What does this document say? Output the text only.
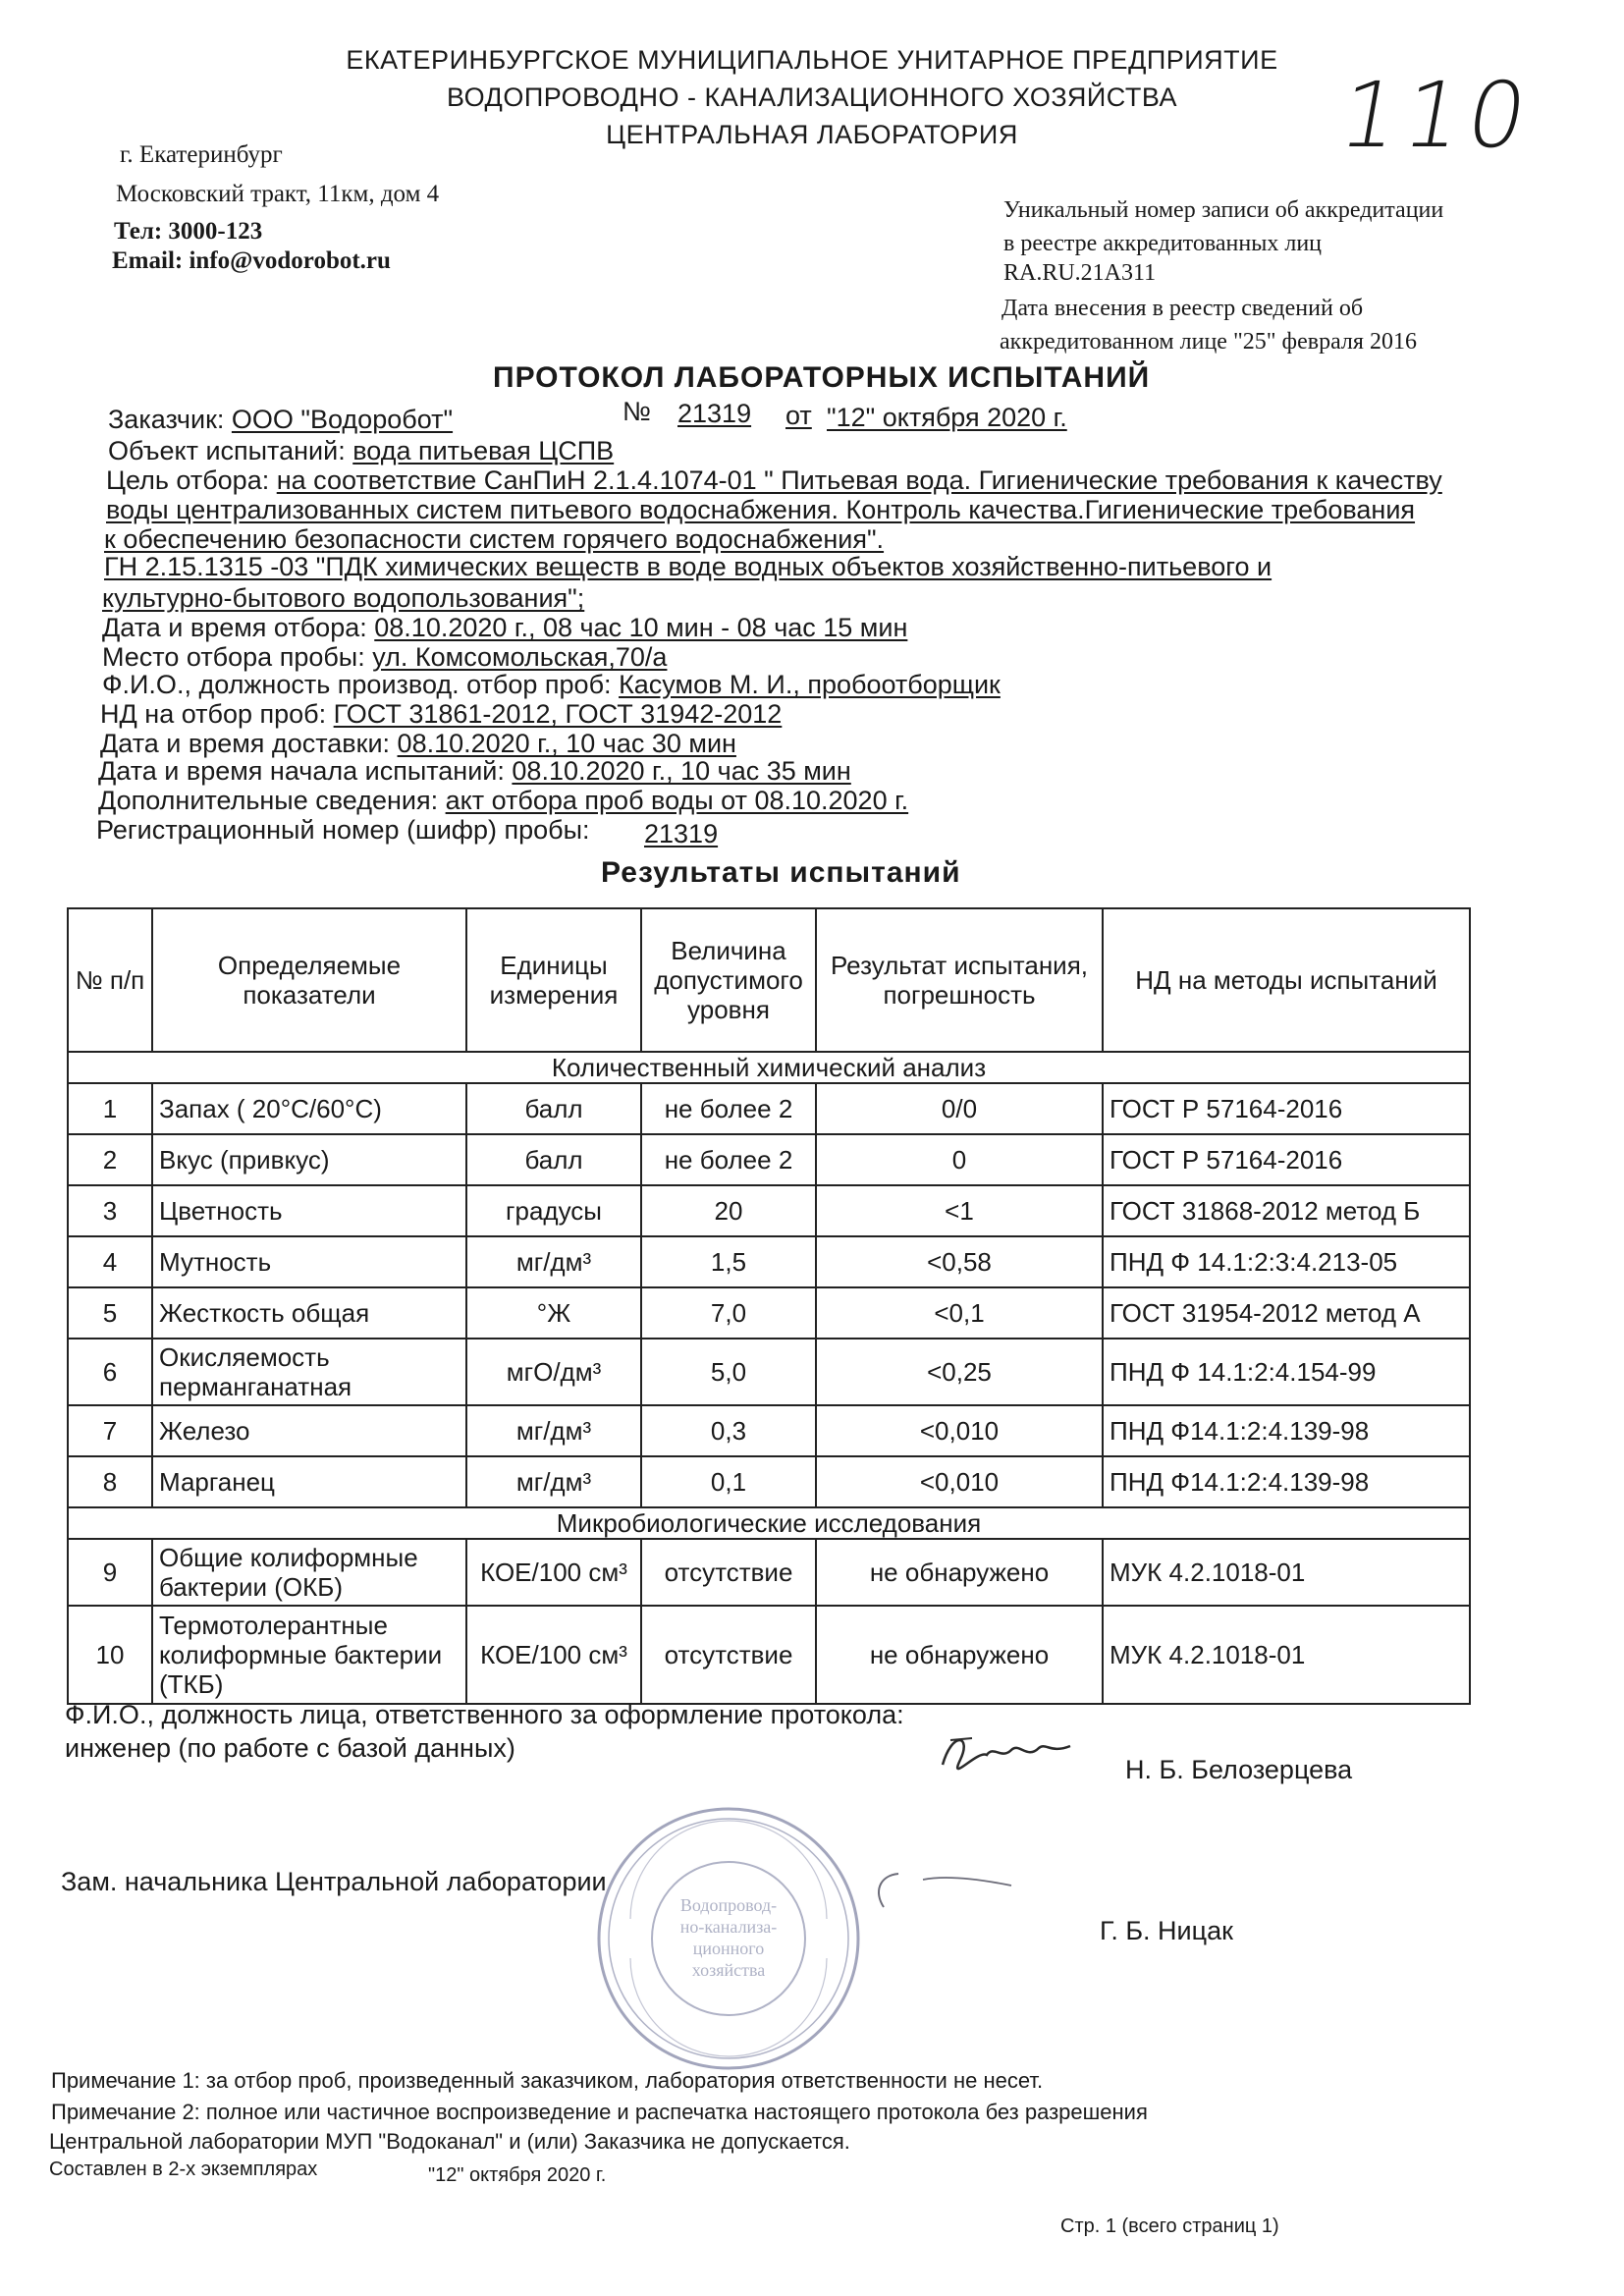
ЕКАТЕРИНБУРГСКОЕ МУНИЦИПАЛЬНОЕ УНИТАРНОЕ ПРЕДПРИЯТИЕ
ВОДОПРОВОДНО - КАНАЛИЗАЦИОННОГО ХОЗЯЙСТВА
ЦЕНТРАЛЬНАЯ ЛАБОРАТОРИЯ	110
г. Екатеринбург
Московский тракт, 11км, дом 4
Тел: 3000-123
Email: info@vodorobot.ru
Уникальный номер записи об аккредитации
в реестре аккредитованных лиц
RA.RU.21A311
Дата внесения в реестр сведений об
аккредитованном лице "25" февраля 2016
ПРОТОКОЛ ЛАБОРАТОРНЫХ ИСПЫТАНИЙ
№ 21319 от "12" октября 2020 г.
Заказчик: ООО "Водоробот"
Объект испытаний: вода питьевая ЦСПВ
Цель отбора: на соответствие СанПиН 2.1.4.1074-01 " Питьевая вода. Гигиенические требования к качеству
воды централизованных систем питьевого водоснабжения. Контроль качества.Гигиенические требования
к обеспечению безопасности систем горячего водоснабжения".
ГН 2.15.1315 -03 "ПДК химических веществ в воде водных объектов хозяйственно-питьевого и
культурно-бытового водопользования";
Дата и время отбора: 08.10.2020 г., 08 час 10 мин - 08 час 15 мин
Место отбора пробы: ул. Комсомольская,70/а
Ф.И.О., должность производ. отбор проб: Касумов М. И., пробоотборщик
НД на отбор проб: ГОСТ 31861-2012, ГОСТ 31942-2012
Дата и время доставки: 08.10.2020 г., 10 час 30 мин
Дата и время начала испытаний: 08.10.2020 г., 10 час 35 мин
Дополнительные сведения: акт отбора проб воды от 08.10.2020 г.
Регистрационный номер (шифр) пробы: 21319
Результаты испытаний
№ п/п	Определяемые показатели	Единицы измерения	Величина допустимого уровня	Результат испытания, погрешность	НД на методы испытаний
Количественный химический анализ					
1	Запах ( 20°С/60°С)	балл	не более 2	0/0	ГОСТ Р 57164-2016
2	Вкус (привкус)	балл	не более 2	0	ГОСТ Р 57164-2016
3	Цветность	градусы	20	<1	ГОСТ 31868-2012 метод Б
4	Мутность	мг/дм³	1,5	<0,58	ПНД Ф 14.1:2:3:4.213-05
5	Жесткость общая	°Ж	7,0	<0,1	ГОСТ 31954-2012 метод А
6	Окисляемость перманганатная	мгО/дм³	5,0	<0,25	ПНД Ф 14.1:2:4.154-99
7	Железо	мг/дм³	0,3	<0,010	ПНД Ф14.1:2:4.139-98
8	Марганец	мг/дм³	0,1	<0,010	ПНД Ф14.1:2:4.139-98
Микробиологические исследования					
9	Общие колиформные бактерии (ОКБ)	КОЕ/100 см³	отсутствие	не обнаружено	МУК 4.2.1018-01
10	Термотолерантные колиформные бактерии (ТКБ)	КОЕ/100 см³	отсутствие	не обнаружено	МУК 4.2.1018-01
Ф.И.О., должность лица, ответственного за оформление протокола:
инженер (по работе с базой данных)
Н. Б. Белозерцева
Зам. начальника Центральной лаборатории
Г. Б. Ницак
Водопровод-
но-канализа-
ционного
хозяйства
Примечание 1: за отбор проб, произведенный заказчиком, лаборатория ответственности не несет.
Примечание 2: полное или частичное воспроизведение и распечатка настоящего протокола без разрешения
Центральной лаборатории МУП "Водоканал" и (или) Заказчика не допускается.
Составлен в 2-х экземплярах	"12" октября 2020 г.
Стр. 1 (всего страниц 1)
